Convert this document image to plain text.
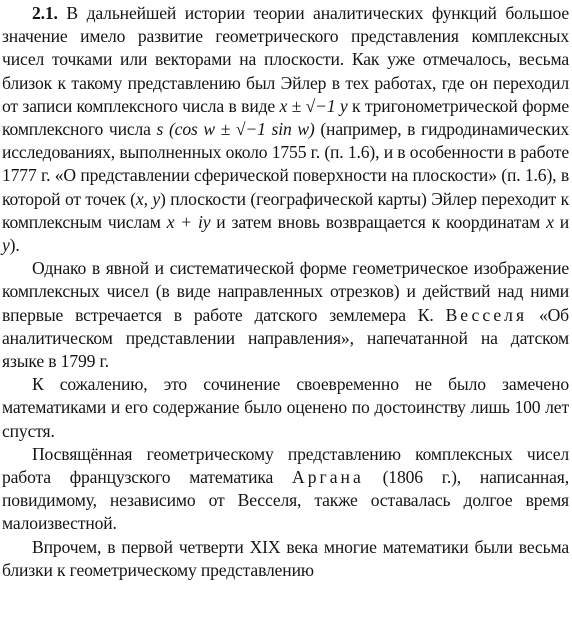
2.1. В дальнейшей истории теории аналитических функций большое значение имело развитие геометрического представления комплексных чисел точками или векторами на плоскости. Как уже отмечалось, весьма близок к такому представлению был Эйлер в тех работах, где он переходил от записи комплексного числа в виде x ± √−1 y к тригонометрической форме комплексного числа s (cos w ± √−1 sin w) (например, в гидродинамических исследованиях, выполненных около 1755 г. (п. 1.6), и в особенности в работе 1777 г. «О представлении сферической поверхности на плоскости» (п. 1.6), в которой от точек (x, y) плоскости (географической карты) Эйлер переходит к комплексным числам x + iy и затем вновь возвращается к координатам x и y).

Однако в явной и систематической форме геометрическое изображение комплексных чисел (в виде направленных отрезков) и действий над ними впервые встречается в работе датского землемера К. Весселя «Об аналитическом представлении направления», напечатанной на датском языке в 1799 г.

К сожалению, это сочинение своевременно не было замечено математиками и его содержание было оценено по достоинству лишь 100 лет спустя.

Посвящённая геометрическому представлению комплексных чисел работа французского математика Аргана (1806 г.), написанная, повидимому, независимо от Весселя, также оставалась долгое время малоизвестной.

Впрочем, в первой четверти XIX века многие математики были весьма близки к геометрическому представлению
